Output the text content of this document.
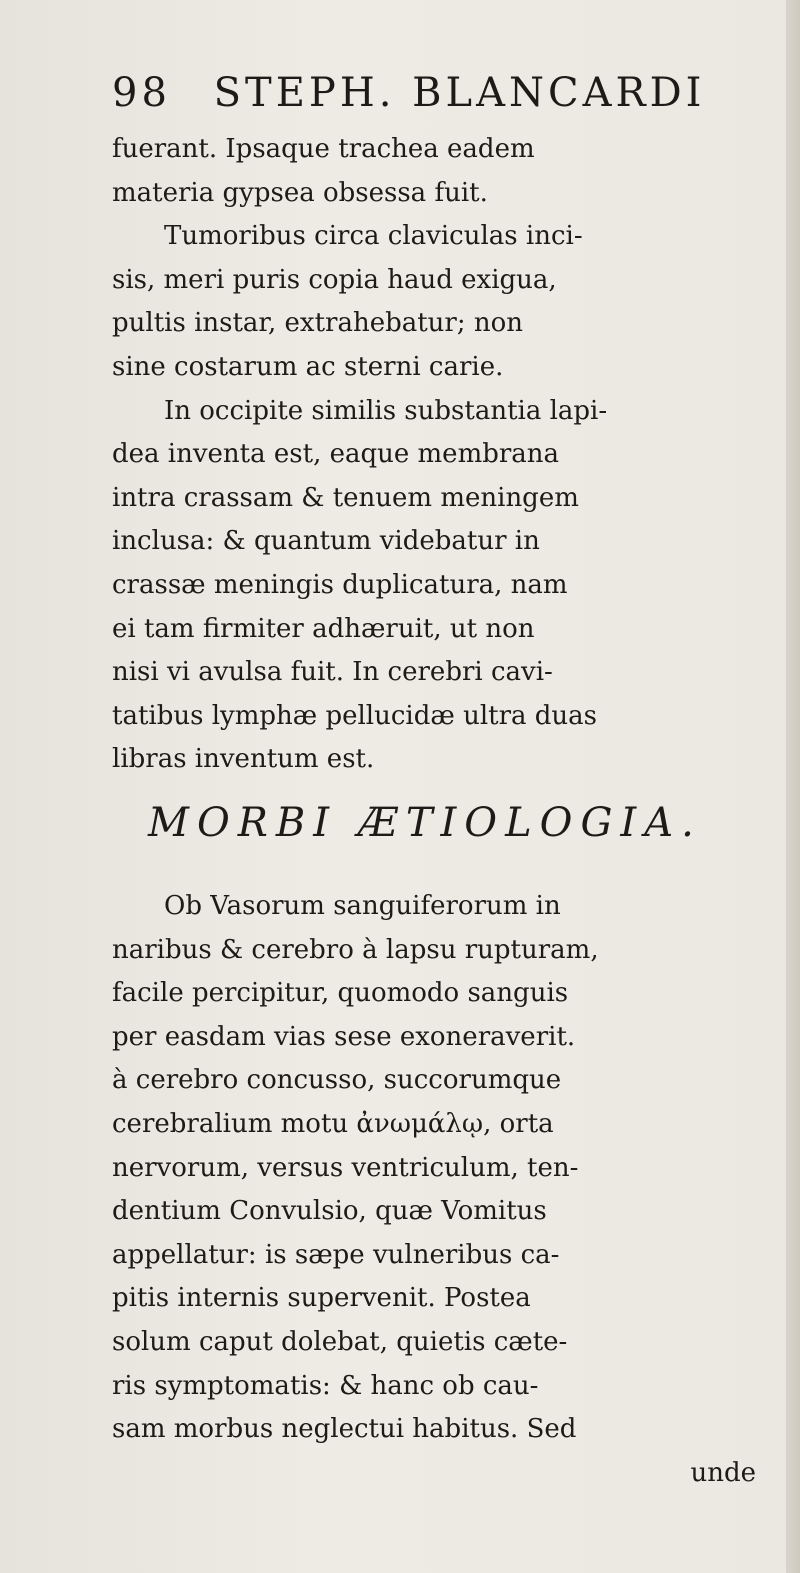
98 STEPH. BLANCARDI
fuerant. Ipsaque trachea eadem
materia gypsea obsessa fuit.
Tumoribus circa claviculas inci-
sis, meri puris copia haud exigua,
pultis instar, extrahebatur; non
sine costarum ac sterni carie.
In occipite similis substantia lapi-
dea inventa est, eaque membrana
intra crassam & tenuem meningem
inclusa: & quantum videbatur in
crassæ meningis duplicatura, nam
ei tam firmiter adhæruit, ut non
nisi vi avulsa fuit. In cerebri cavi-
tatibus lymphæ pellucidæ ultra duas
libras inventum est.
MORBI ÆTIOLOGIA.
Ob Vasorum sanguiferorum in
naribus & cerebro à lapsu rupturam,
facile percipitur, quomodo sanguis
per easdam vias sese exoneraverit.
à cerebro concusso, succorumque
cerebralium motu ἀνωμάλῳ, orta
nervorum, versus ventriculum, ten-
dentium Convulsio, quæ Vomitus
appellatur: is sæpe vulneribus ca-
pitis internis supervenit. Postea
solum caput dolebat, quietis cæte-
ris symptomatis: & hanc ob cau-
sam morbus neglectui habitus. Sed
unde
